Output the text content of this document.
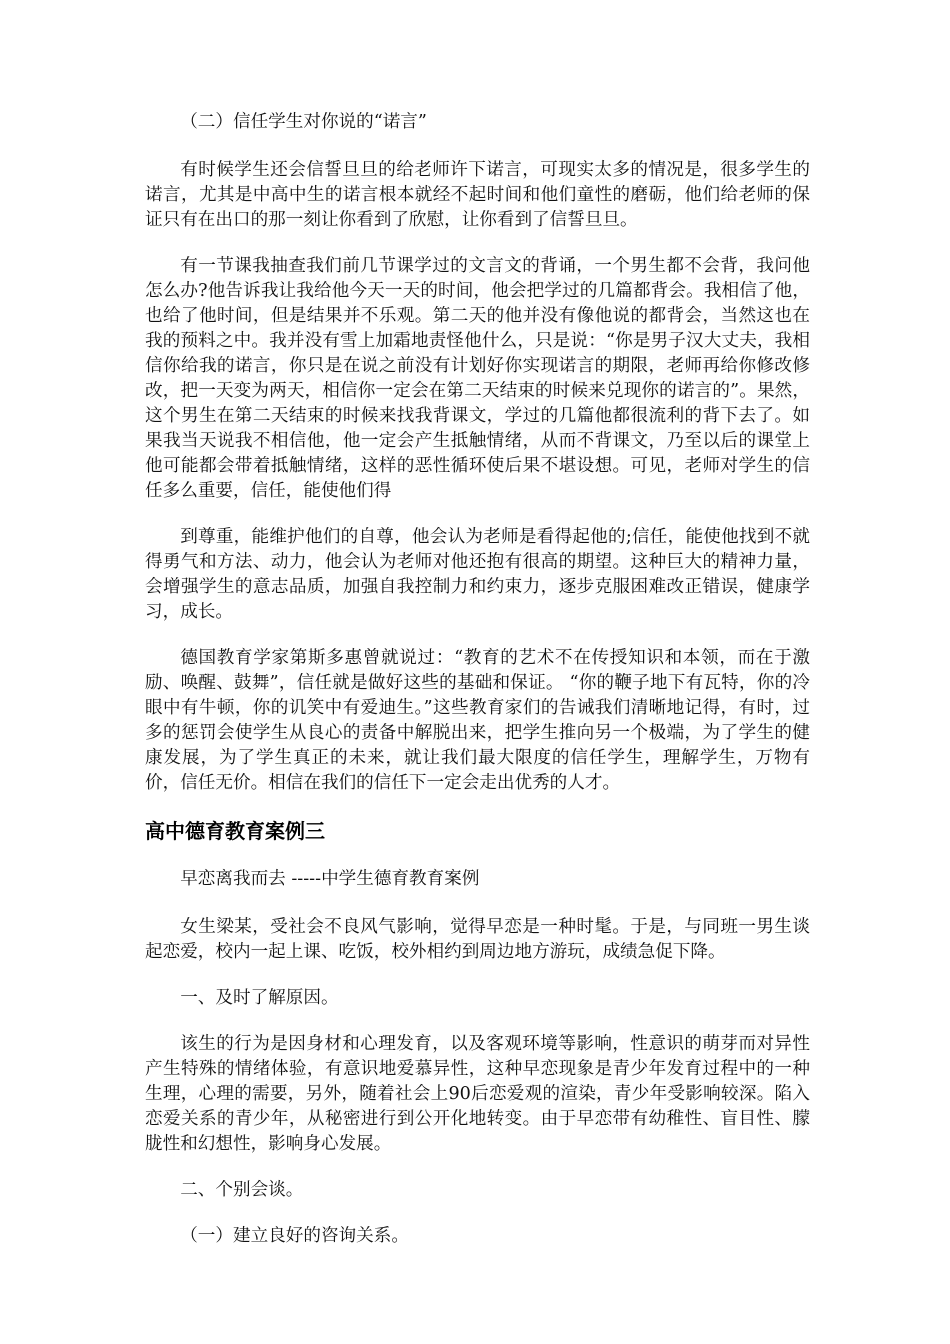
（二）信任学生对你说的“诺言”

有时候学生还会信誓旦旦的给老师许下诺言，可现实太多的情况是，很多学生的诺言，尤其是中高中生的诺言根本就经不起时间和他们童性的磨砺，他们给老师的保证只有在出口的那一刻让你看到了欣慰，让你看到了信誓旦旦。

有一节课我抽查我们前几节课学过的文言文的背诵，一个男生都不会背，我问他怎么办?他告诉我让我给他今天一天的时间，他会把学过的几篇都背会。我相信了他，也给了他时间，但是结果并不乐观。第二天的他并没有像他说的都背会，当然这也在我的预料之中。我并没有雪上加霜地责怪他什么，只是说：“你是男子汉大丈夫，我相信你给我的诺言，你只是在说之前没有计划好你实现诺言的期限，老师再给你修改修改，把一天变为两天，相信你一定会在第二天结束的时候来兑现你的诺言的”。果然，这个男生在第二天结束的时候来找我背课文，学过的几篇他都很流利的背下去了。如果我当天说我不相信他，他一定会产生抵触情绪，从而不背课文，乃至以后的课堂上他可能都会带着抵触情绪，这样的恶性循环使后果不堪设想。可见，老师对学生的信任多么重要，信任，能使他们得

到尊重，能维护他们的自尊，他会认为老师是看得起他的;信任，能使他找到不就得勇气和方法、动力，他会认为老师对他还抱有很高的期望。这种巨大的精神力量，会增强学生的意志品质，加强自我控制力和约束力，逐步克服困难改正错误，健康学习，成长。

德国教育学家第斯多惠曾就说过：“教育的艺术不在传授知识和本领，而在于激励、唤醒、鼓舞”，信任就是做好这些的基础和保证。 “你的鞭子地下有瓦特，你的冷眼中有牛顿，你的讥笑中有爱迪生。”这些教育家们的告诫我们清晰地记得，有时，过多的惩罚会使学生从良心的责备中解脱出来，把学生推向另一个极端，为了学生的健康发展，为了学生真正的未来，就让我们最大限度的信任学生，理解学生，万物有价，信任无价。相信在我们的信任下一定会走出优秀的人才。

高中德育教育案例三

早恋离我而去 -----中学生德育教育案例

女生梁某，受社会不良风气影响，觉得早恋是一种时髦。于是，与同班一男生谈起恋爱，校内一起上课、吃饭，校外相约到周边地方游玩，成绩急促下降。

一、及时了解原因。

该生的行为是因身材和心理发育，以及客观环境等影响，性意识的萌芽而对异性产生特殊的情绪体验，有意识地爱慕异性，这种早恋现象是青少年发育过程中的一种生理，心理的需要，另外，随着社会上90后恋爱观的渲染，青少年受影响较深。陷入恋爱关系的青少年，从秘密进行到公开化地转变。由于早恋带有幼稚性、盲目性、朦胧性和幻想性，影响身心发展。

二、个别会谈。

（一）建立良好的咨询关系。
